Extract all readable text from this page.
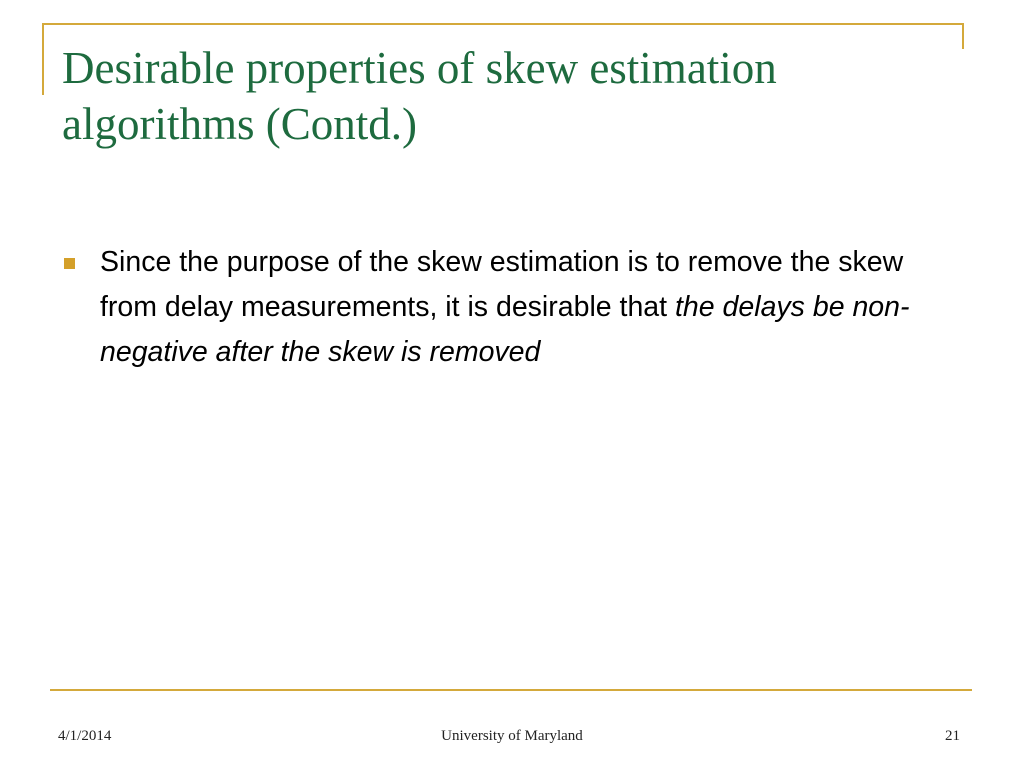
Desirable properties of skew estimation algorithms (Contd.)
Since the purpose of the skew estimation is to remove the skew from delay measurements, it is desirable that the delays be non-negative after the skew is removed
4/1/2014	University of Maryland	21
